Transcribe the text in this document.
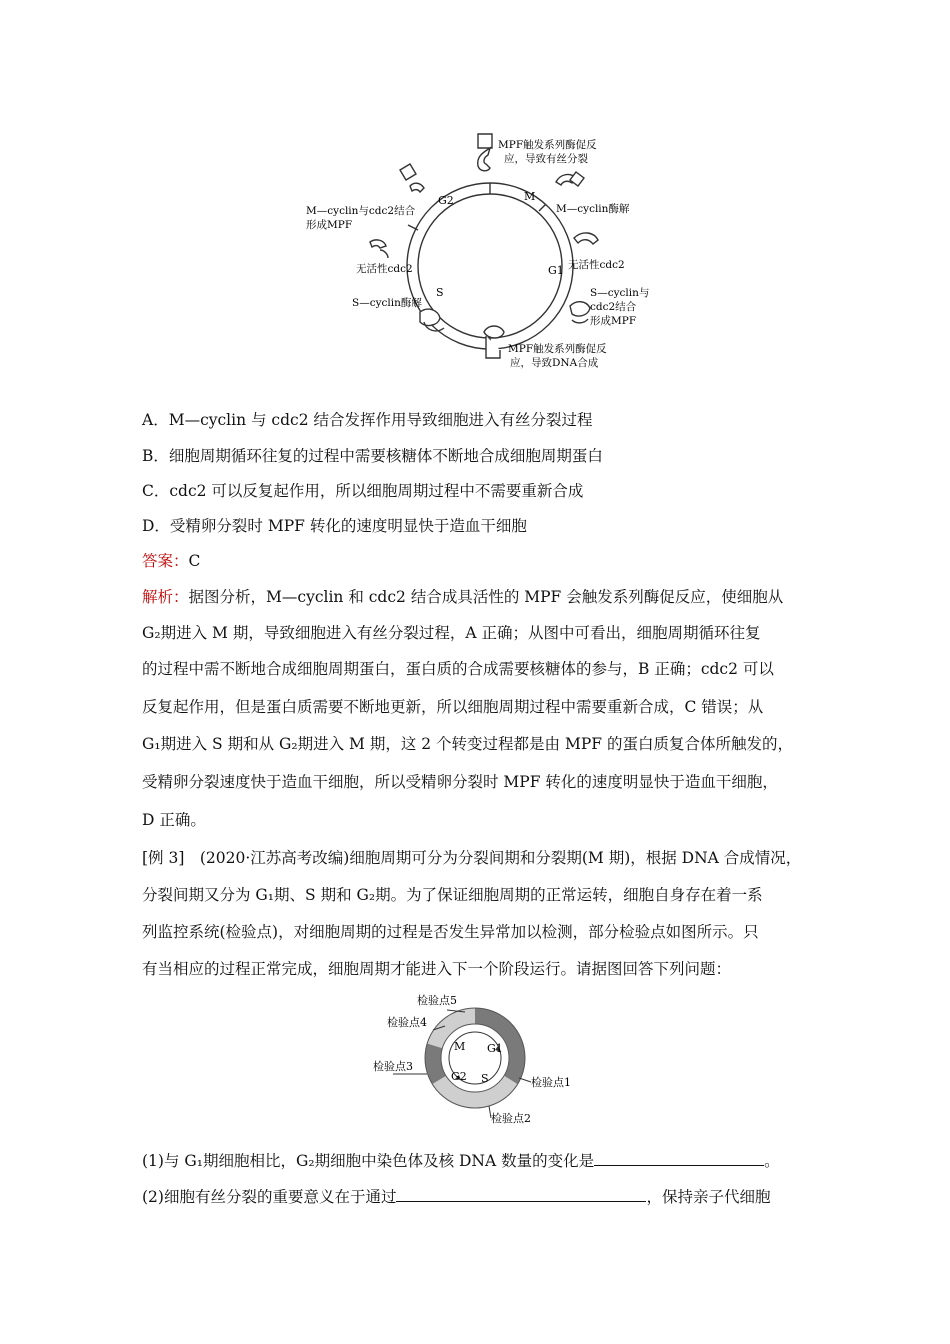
M
G1
S
G2
MPF触发系列酶促反
应，导致有丝分裂
M—cyclin酶解
无活性cdc2
S—cyclin与
cdc2结合
形成MPF
MPF触发系列酶促反
应，导致DNA合成
S—cyclin酶解
无活性cdc2
M—cyclin与cdc2结合
形成MPF
A．M—cyclin 与 cdc2 结合发挥作用导致细胞进入有丝分裂过程
B．细胞周期循环往复的过程中需要核糖体不断地合成细胞周期蛋白
C．cdc2 可以反复起作用，所以细胞周期过程中不需要重新合成
D．受精卵分裂时 MPF 转化的速度明显快于造血干细胞
答案：C
解析：据图分析，M—cyclin 和 cdc2 结合成具活性的 MPF 会触发系列酶促反应，使细胞从
G₂期进入 M 期，导致细胞进入有丝分裂过程，A 正确；从图中可看出，细胞周期循环往复
的过程中需不断地合成细胞周期蛋白，蛋白质的合成需要核糖体的参与，B 正确；cdc2 可以
反复起作用，但是蛋白质需要不断地更新，所以细胞周期过程中需要重新合成，C 错误；从
G₁期进入 S 期和从 G₂期进入 M 期，这 2 个转变过程都是由 MPF 的蛋白质复合体所触发的，
受精卵分裂速度快于造血干细胞，所以受精卵分裂时 MPF 转化的速度明显快于造血干细胞，
D 正确。
[例 3]　(2020·江苏高考改编)细胞周期可分为分裂间期和分裂期(M 期)，根据 DNA 合成情况，
分裂间期又分为 G₁期、S 期和 G₂期。为了保证细胞周期的正常运转，细胞自身存在着一系
列监控系统(检验点)，对细胞周期的过程是否发生异常加以检测，部分检验点如图所示。只
有当相应的过程正常完成，细胞周期才能进入下一个阶段运行。请据图回答下列问题：
M G1
S
G2
检验点5
检验点4
检验点3
检验点2
检验点1
(1)与 G₁期细胞相比，G₂期细胞中染色体及核 DNA 数量的变化是	。
(2)细胞有丝分裂的重要意义在于通过	，保持亲子代细胞
